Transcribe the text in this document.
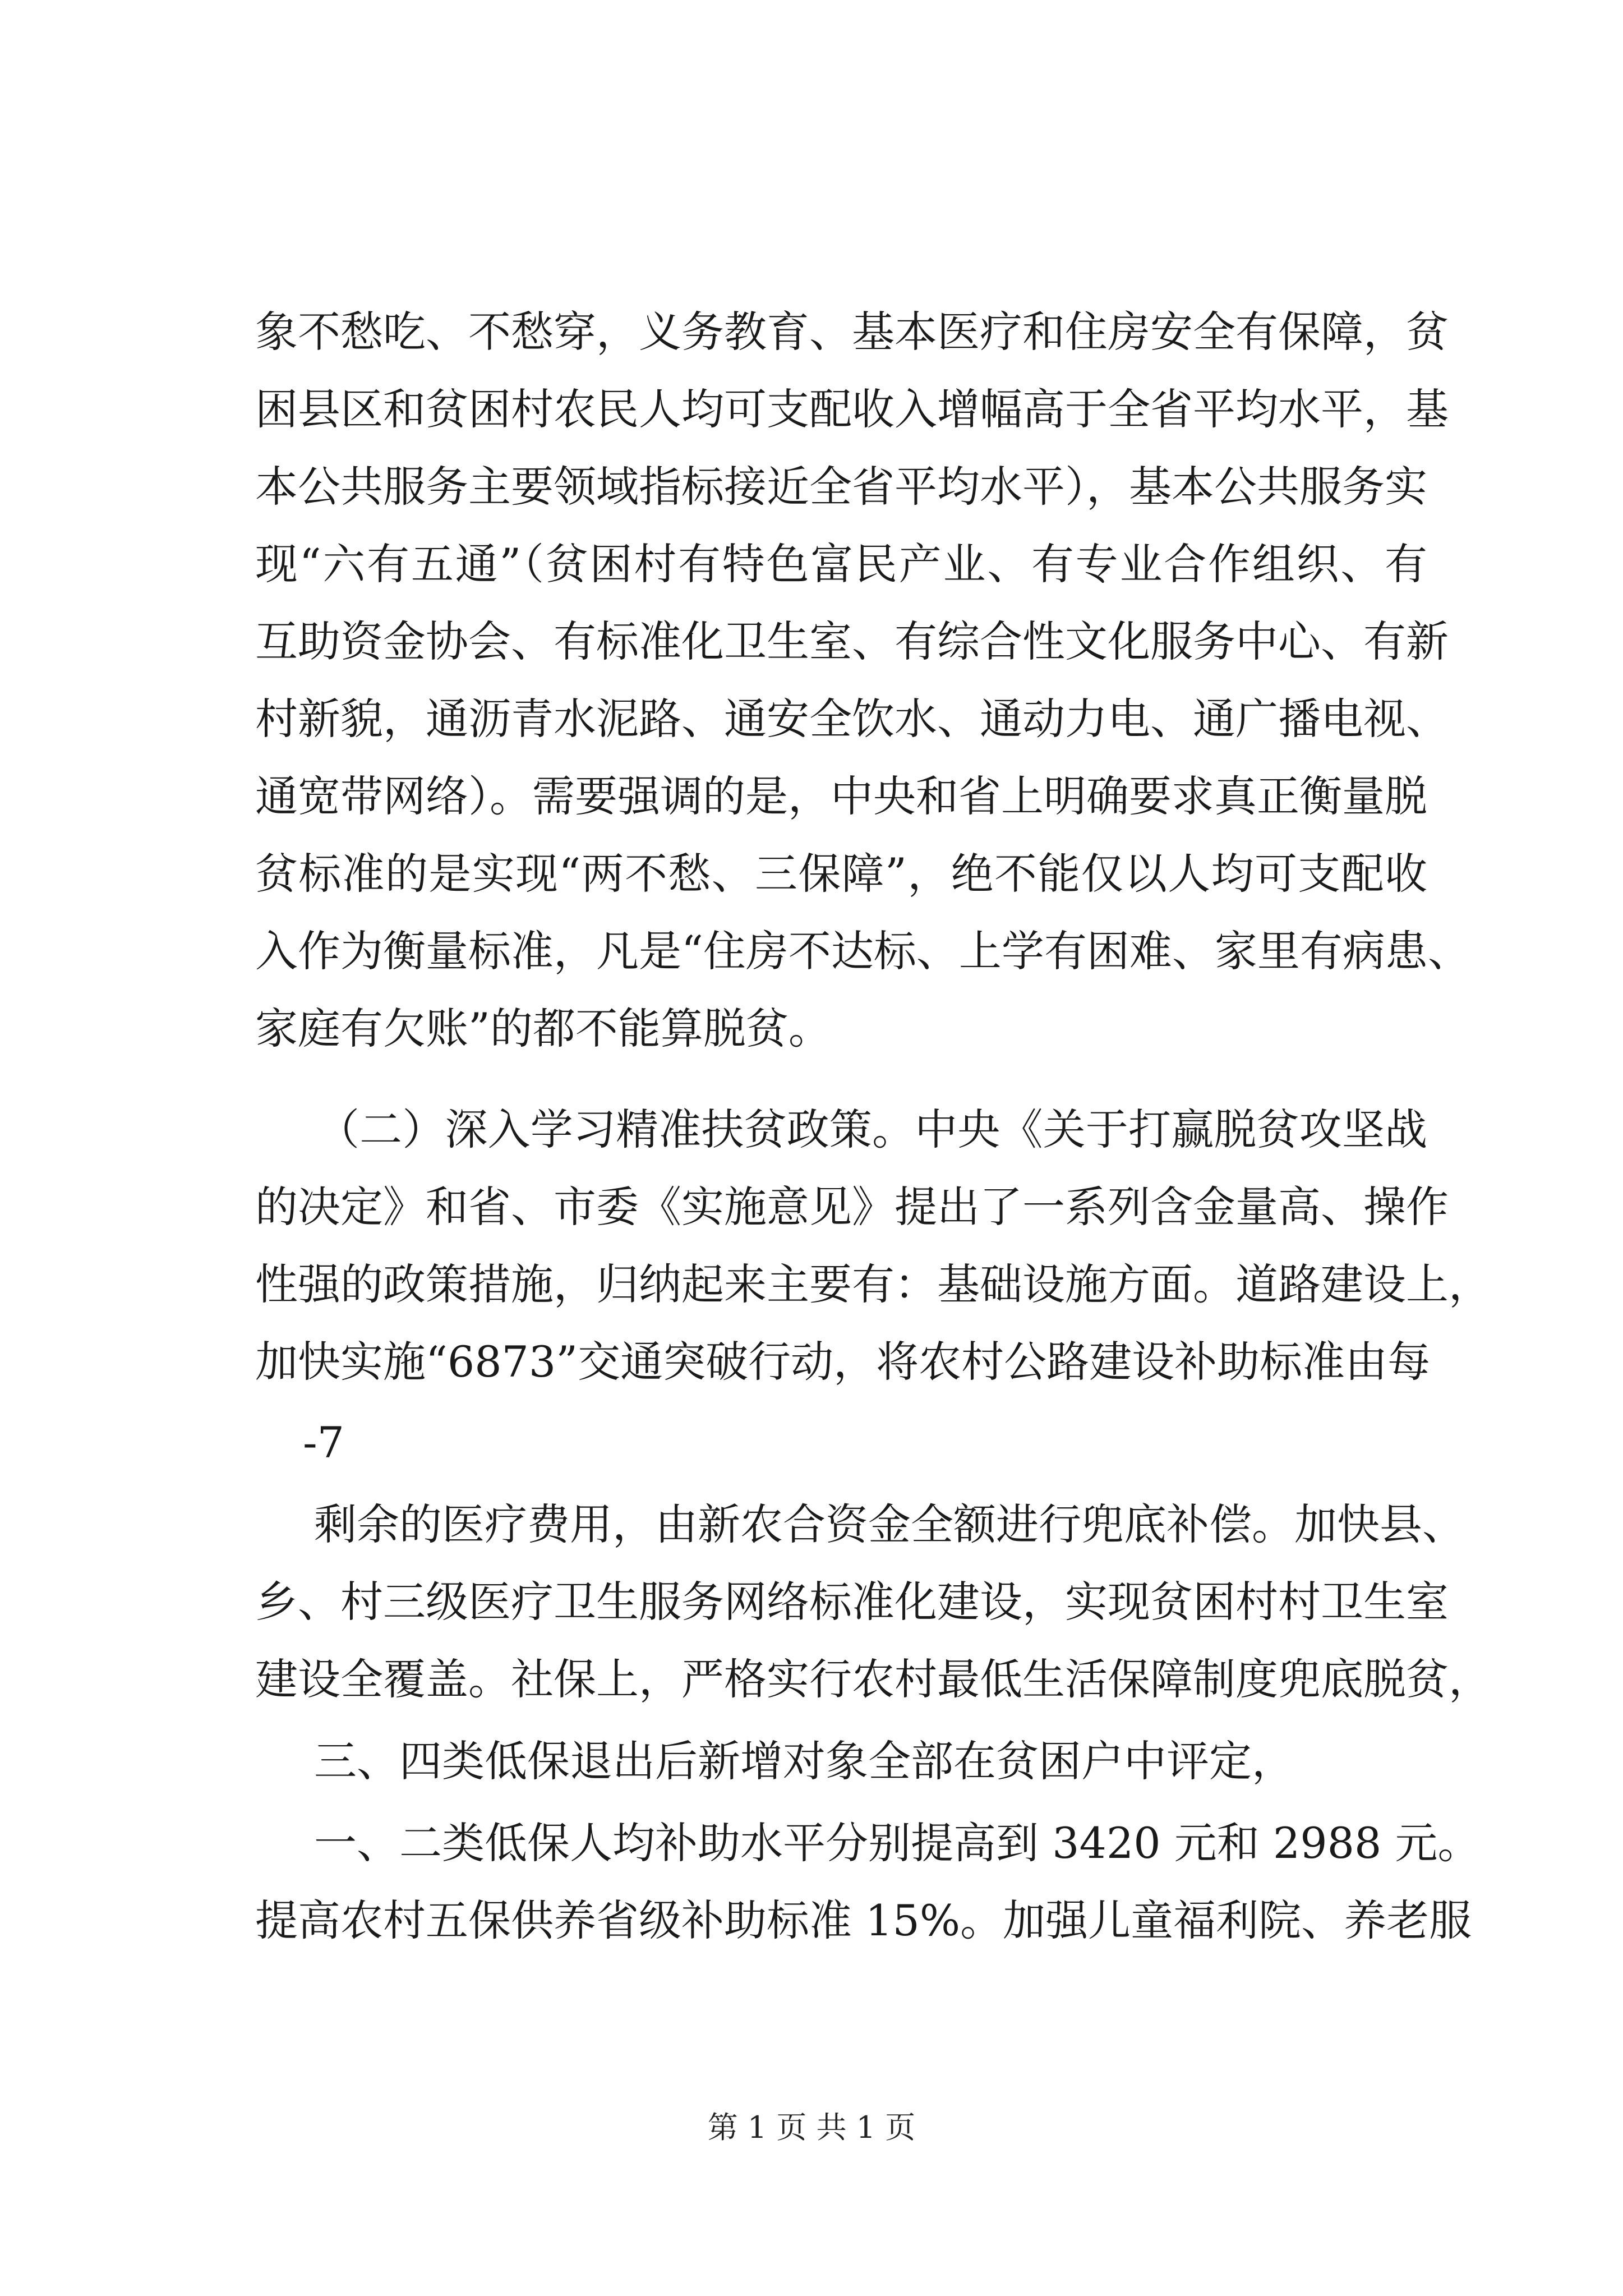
象不愁吃、不愁穿，义务教育、基本医疗和住房安全有保障，贫
困县区和贫困村农民人均可支配收入增幅高于全省平均水平，基
本公共服务主要领域指标接近全省平均水平），基本公共服务实
现“六有五通”（贫困村有特色富民产业、有专业合作组织、有
互助资金协会、有标准化卫生室、有综合性文化服务中心、有新
村新貌，通沥青水泥路、通安全饮水、通动力电、通广播电视、
通宽带网络）。需要强调的是，中央和省上明确要求真正衡量脱
贫标准的是实现“两不愁、三保障”，绝不能仅以人均可支配收
入作为衡量标准，凡是“住房不达标、上学有困难、家里有病患、
家庭有欠账”的都不能算脱贫。
（二）深入学习精准扶贫政策。中央《关于打赢脱贫攻坚战
的决定》和省、市委《实施意见》提出了一系列含金量高、操作
性强的政策措施，归纳起来主要有：基础设施方面。道路建设上，
加快实施“6873”交通突破行动，将农村公路建设补助标准由每
-7
剩余的医疗费用，由新农合资金全额进行兜底补偿。加快县、
乡、村三级医疗卫生服务网络标准化建设，实现贫困村村卫生室
建设全覆盖。社保上，严格实行农村最低生活保障制度兜底脱贫，
三、四类低保退出后新增对象全部在贫困户中评定，
一、二类低保人均补助水平分别提高到 3420 元和 2988 元。
提高农村五保供养省级补助标准 15%。加强儿童福利院、养老服
第 1 页 共 1 页
